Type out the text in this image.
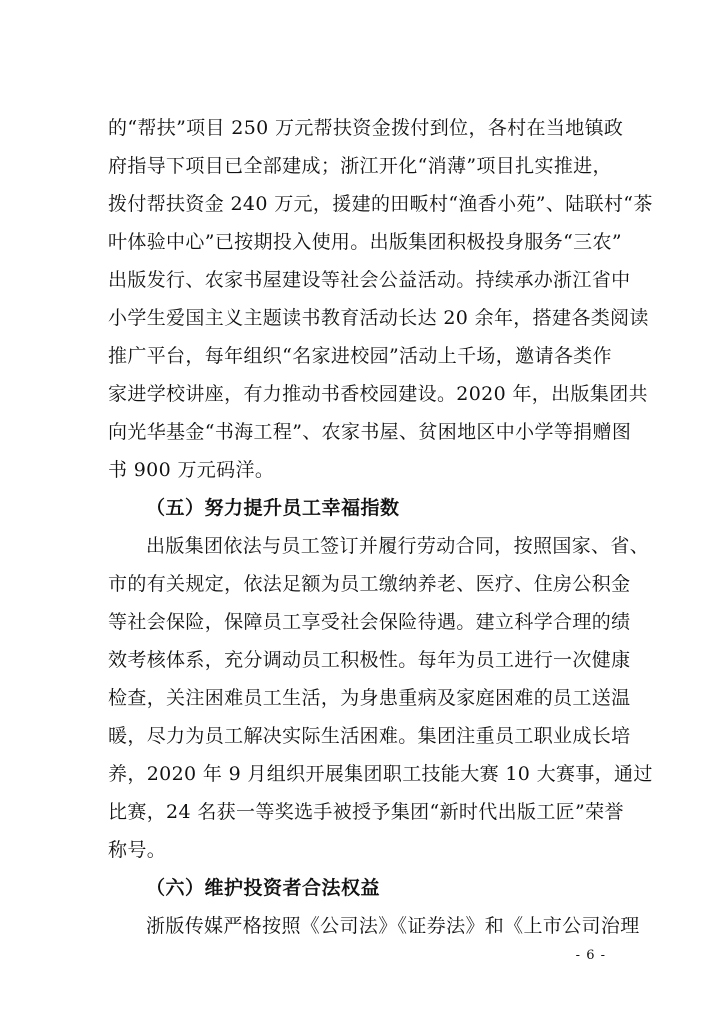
的“帮扶”项目 250 万元帮扶资金拨付到位，各村在当地镇政
府指导下项目已全部建成；浙江开化“消薄”项目扎实推进，
拨付帮扶资金 240 万元，援建的田畈村“渔香小苑”、陆联村“茶
叶体验中心”已按期投入使用。出版集团积极投身服务“三农”
出版发行、农家书屋建设等社会公益活动。持续承办浙江省中
小学生爱国主义主题读书教育活动长达 20 余年，搭建各类阅读
推广平台，每年组织“名家进校园”活动上千场，邀请各类作
家进学校讲座，有力推动书香校园建设。2020 年，出版集团共
向光华基金“书海工程”、农家书屋、贫困地区中小学等捐赠图
书 900 万元码洋。
（五）努力提升员工幸福指数
出版集团依法与员工签订并履行劳动合同，按照国家、省、
市的有关规定，依法足额为员工缴纳养老、医疗、住房公积金
等社会保险，保障员工享受社会保险待遇。建立科学合理的绩
效考核体系，充分调动员工积极性。每年为员工进行一次健康
检查，关注困难员工生活，为身患重病及家庭困难的员工送温
暖，尽力为员工解决实际生活困难。集团注重员工职业成长培
养，2020 年 9 月组织开展集团职工技能大赛 10 大赛事，通过
比赛，24 名获一等奖选手被授予集团“新时代出版工匠”荣誉
称号。
（六）维护投资者合法权益
浙版传媒严格按照《公司法》《证券法》和《上市公司治理
- 6 -
